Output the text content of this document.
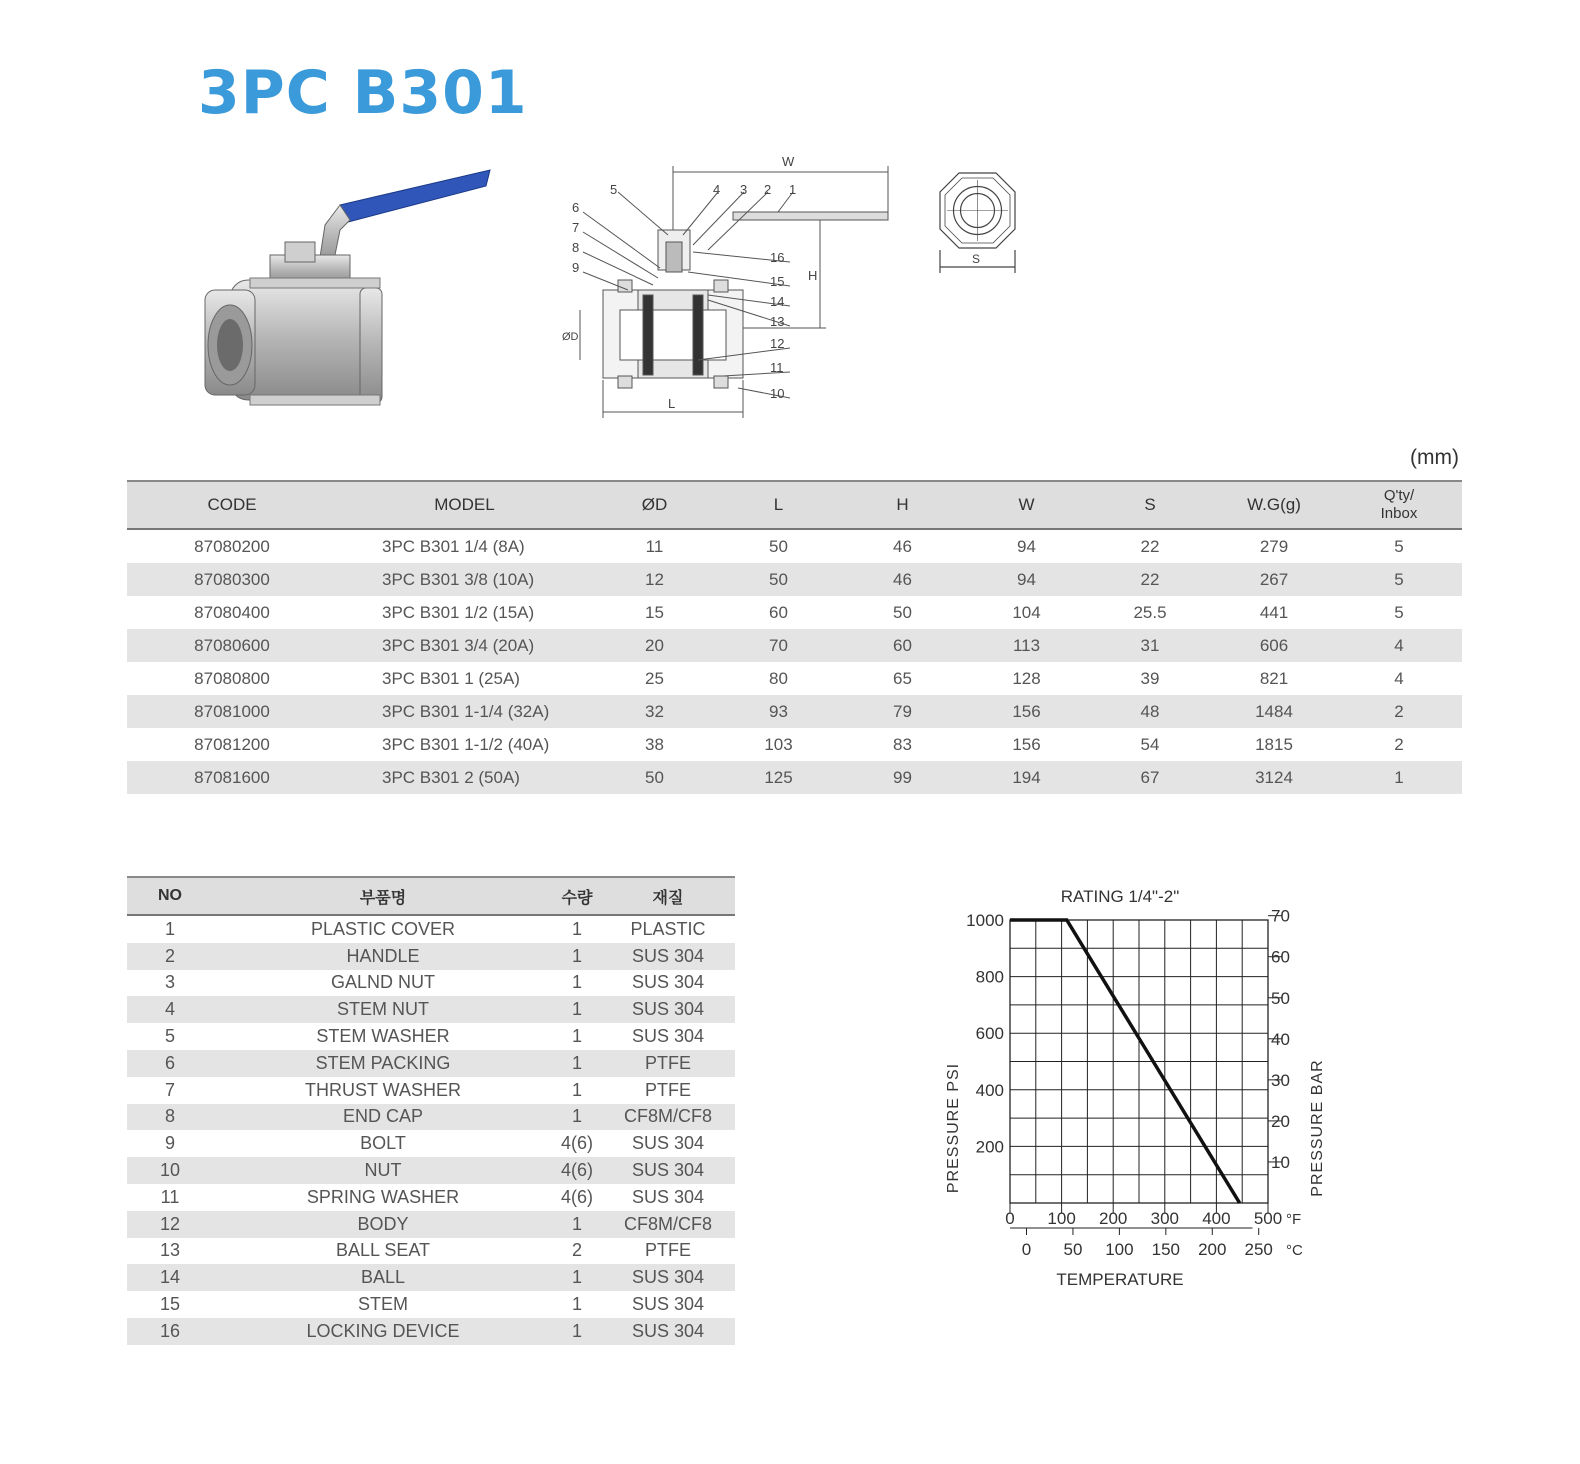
3PC B301
W
5	4 3 2 1
6
7
8
9
16
15
14
13
12
11
10
H
L
ØD
S
(mm)
CODE	MODEL	ØD	L	H	W	S	W.G(g)	Q'ty/
Inbox
87080200	3PC B301 1/4 (8A)	11	50	46	94	22	279	5
87080300	3PC B301 3/8 (10A)	12	50	46	94	22	267	5
87080400	3PC B301 1/2 (15A)	15	60	50	104	25.5	441	5
87080600	3PC B301 3/4 (20A)	20	70	60	113	31	606	4
87080800	3PC B301 1 (25A)	25	80	65	128	39	821	4
87081000	3PC B301 1-1/4 (32A)	32	93	79	156	48	1484	2
87081200	3PC B301 1-1/2 (40A)	38	103	83	156	54	1815	2
87081600	3PC B301 2 (50A)	50	125	99	194	67	3124	1
NO	부품명	수량	재질
1	PLASTIC COVER	1	PLASTIC
2	HANDLE	1	SUS 304
3	GALND NUT	1	SUS 304
4	STEM NUT	1	SUS 304
5	STEM WASHER	1	SUS 304
6	STEM PACKING	1	PTFE
7	THRUST WASHER	1	PTFE
8	END CAP	1	CF8M/CF8
9	BOLT	4(6)	SUS 304
10	NUT	4(6)	SUS 304
11	SPRING WASHER	4(6)	SUS 304
12	BODY	1	CF8M/CF8
13	BALL SEAT	2	PTFE
14	BALL	1	SUS 304
15	STEM	1	SUS 304
16	LOCKING DEVICE	1	SUS 304
RATING 1/4"-2"
TEMPERATURE
PRESSURE PSI	PRESSURE BAR
200
400
600
800
1000
10
20
30
40
50
60
70
0 100 200 300 400 500 °F
0 50 100 150 200 250 °C
